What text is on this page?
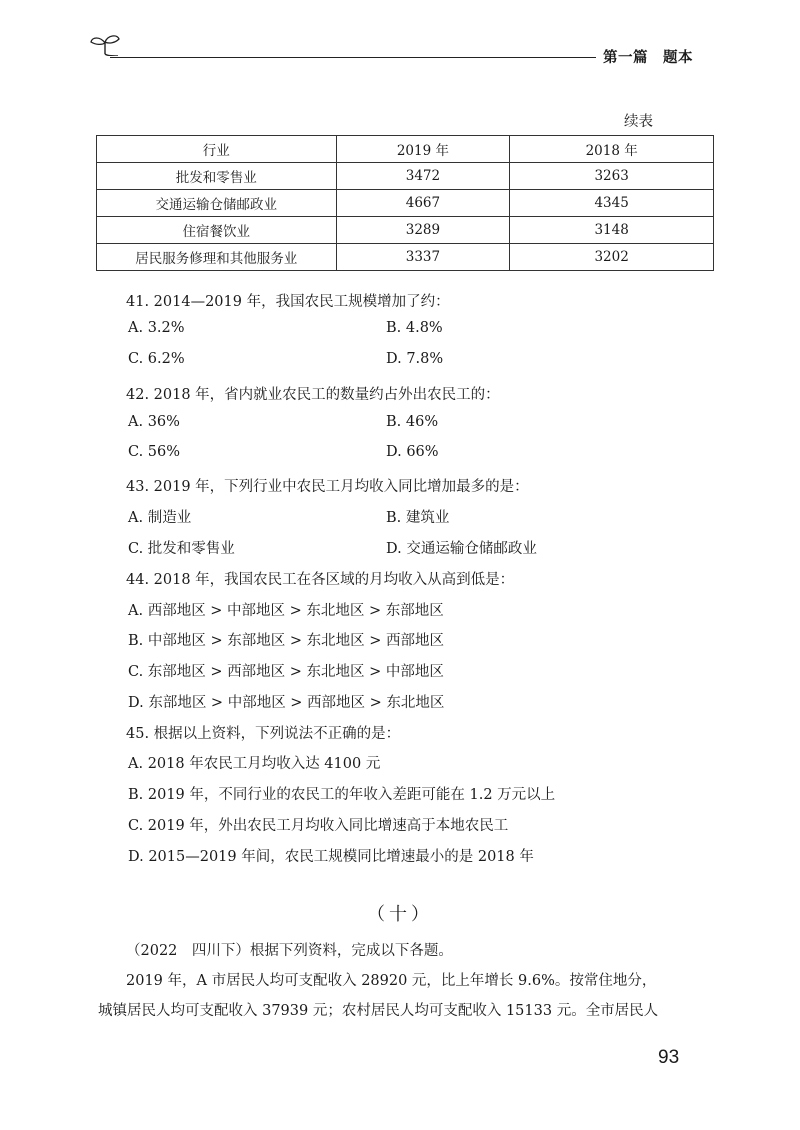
第一篇　题本
续表
行业	2019 年	2018 年
批发和零售业	3472	3263
交通运输仓储邮政业	4667	4345
住宿餐饮业	3289	3148
居民服务修理和其他服务业	3337	3202
41. 2014—2019 年，我国农民工规模增加了约：
A. 3.2%	B. 4.8%
C. 6.2%	D. 7.8%
42. 2018 年，省内就业农民工的数量约占外出农民工的：
A. 36%	B. 46%
C. 56%	D. 66%
43. 2019 年，下列行业中农民工月均收入同比增加最多的是：
A. 制造业	B. 建筑业
C. 批发和零售业	D. 交通运输仓储邮政业
44. 2018 年，我国农民工在各区域的月均收入从高到低是：
A. 西部地区 > 中部地区 > 东北地区 > 东部地区
B. 中部地区 > 东部地区 > 东北地区 > 西部地区
C. 东部地区 > 西部地区 > 东北地区 > 中部地区
D. 东部地区 > 中部地区 > 西部地区 > 东北地区
45. 根据以上资料，下列说法不正确的是：
A. 2018 年农民工月均收入达 4100 元
B. 2019 年，不同行业的农民工的年收入差距可能在 1.2 万元以上
C. 2019 年，外出农民工月均收入同比增速高于本地农民工
D. 2015—2019 年间，农民工规模同比增速最小的是 2018 年
（十）
（2022　四川下）根据下列资料，完成以下各题。
2019 年，A 市居民人均可支配收入 28920 元，比上年增长 9.6%。按常住地分，
城镇居民人均可支配收入 37939 元；农村居民人均可支配收入 15133 元。全市居民人
93
